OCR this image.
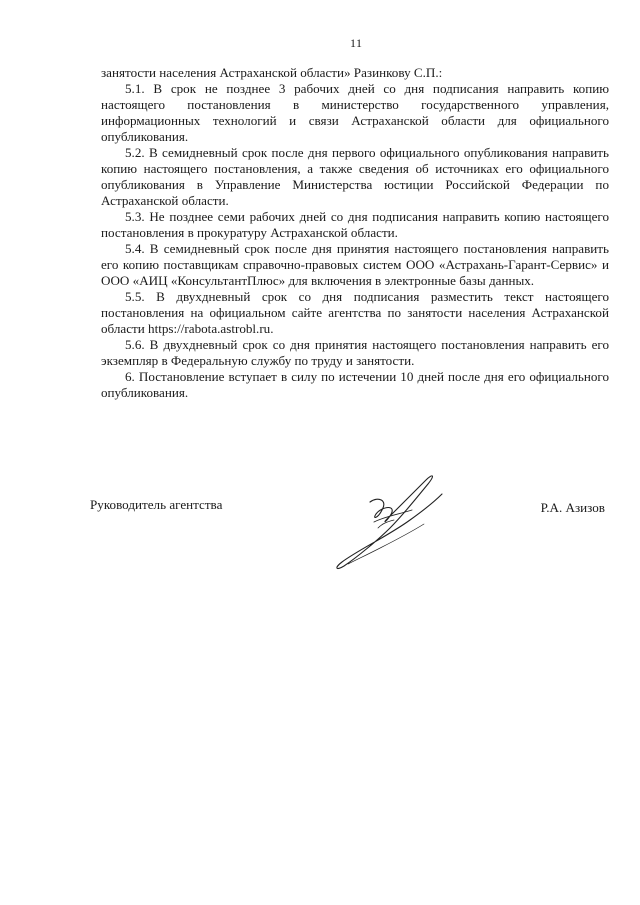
11

занятости населения Астраханской области» Разинкову С.П.:

5.1. В срок не позднее 3 рабочих дней со дня подписания направить копию настоящего постановления в министерство государственного управления, информационных технологий и связи Астраханской области для официального опубликования.

5.2. В семидневный срок после дня первого официального опубликования направить копию настоящего постановления, а также сведения об источниках его официального опубликования в Управление Министерства юстиции Российской Федерации по Астраханской области.

5.3. Не позднее семи рабочих дней со дня подписания направить копию настоящего постановления в прокуратуру Астраханской области.

5.4. В семидневный срок после дня принятия настоящего постановления направить его копию поставщикам справочно-правовых систем ООО «Астрахань-Гарант-Сервис» и ООО «АИЦ «КонсультантПлюс» для включения в электронные базы данных.

5.5. В двухдневный срок со дня подписания разместить текст настоящего постановления на официальном сайте агентства по занятости населения Астраханской области https://rabota.astrobl.ru.

5.6. В двухдневный срок со дня принятия настоящего постановления направить его экземпляр в Федеральную службу по труду и занятости.

6. Постановление вступает в силу по истечении 10 дней после дня его официального опубликования.

Руководитель агентства	Р.А. Азизов
